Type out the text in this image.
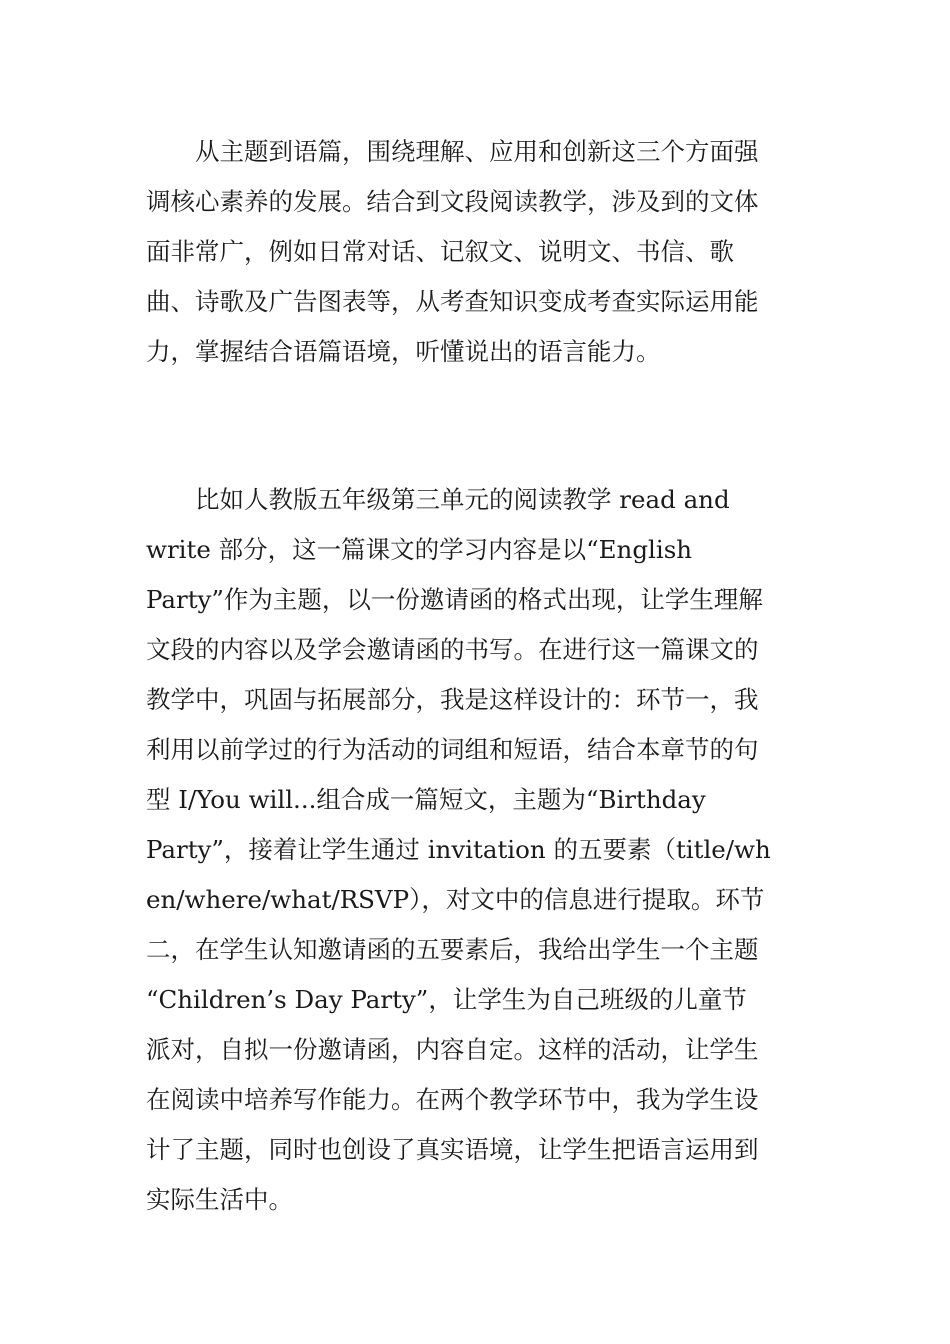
　　从主题到语篇，围绕理解、应用和创新这三个方面强
调核心素养的发展。结合到文段阅读教学，涉及到的文体
面非常广，例如日常对话、记叙文、说明文、书信、歌
曲、诗歌及广告图表等，从考查知识变成考查实际运用能
力，掌握结合语篇语境，听懂说出的语言能力。

　　比如人教版五年级第三单元的阅读教学 read and
write 部分，这一篇课文的学习内容是以“English
Party”作为主题，以一份邀请函的格式出现，让学生理解
文段的内容以及学会邀请函的书写。在进行这一篇课文的
教学中，巩固与拓展部分，我是这样设计的：环节一，我
利用以前学过的行为活动的词组和短语，结合本章节的句
型 I/You will...组合成一篇短文，主题为“Birthday
Party”，接着让学生通过 invitation 的五要素（title/wh
en/where/what/RSVP），对文中的信息进行提取。环节
二，在学生认知邀请函的五要素后，我给出学生一个主题
“Children’s Day Party”，让学生为自己班级的儿童节
派对，自拟一份邀请函，内容自定。这样的活动，让学生
在阅读中培养写作能力。在两个教学环节中，我为学生设
计了主题，同时也创设了真实语境，让学生把语言运用到
实际生活中。
